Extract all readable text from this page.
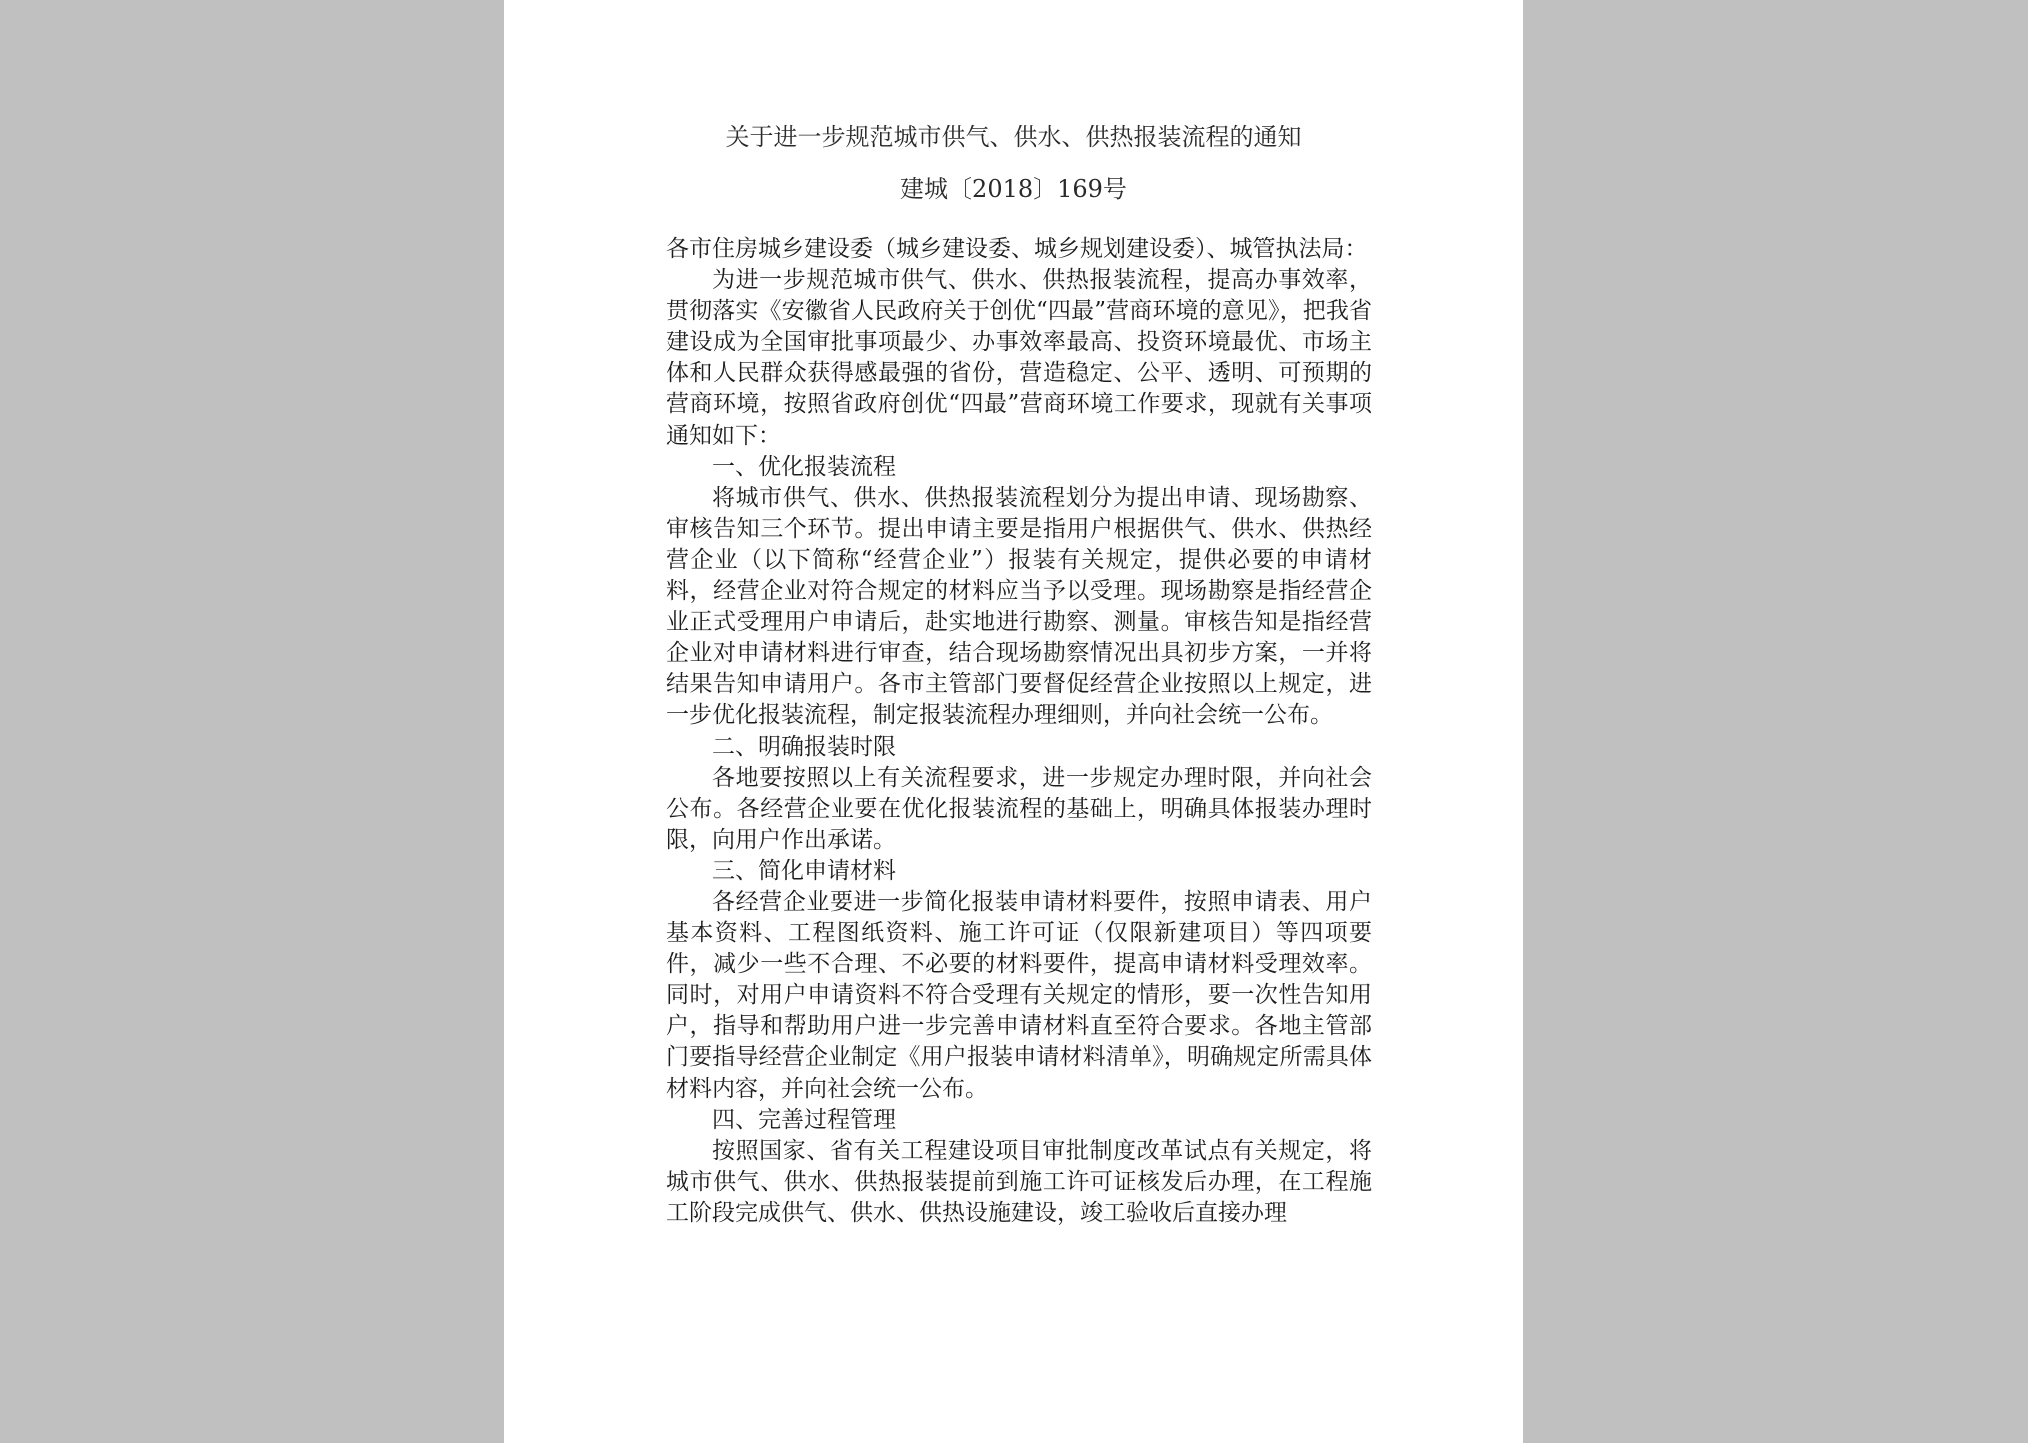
关于进一步规范城市供气、供水、供热报装流程的通知
建城〔2018〕169号

各市住房城乡建设委（城乡建设委、城乡规划建设委）、城管执法局：

为进一步规范城市供气、供水、供热报装流程，提高办事效率，贯彻落实《安徽省人民政府关于创优“四最”营商环境的意见》，把我省建设成为全国审批事项最少、办事效率最高、投资环境最优、市场主体和人民群众获得感最强的省份，营造稳定、公平、透明、可预期的营商环境，按照省政府创优“四最”营商环境工作要求，现就有关事项通知如下：

一、优化报装流程

将城市供气、供水、供热报装流程划分为提出申请、现场勘察、审核告知三个环节。提出申请主要是指用户根据供气、供水、供热经营企业（以下简称“经营企业”）报装有关规定，提供必要的申请材料，经营企业对符合规定的材料应当予以受理。现场勘察是指经营企业正式受理用户申请后，赴实地进行勘察、测量。审核告知是指经营企业对申请材料进行审查，结合现场勘察情况出具初步方案，一并将结果告知申请用户。各市主管部门要督促经营企业按照以上规定，进一步优化报装流程，制定报装流程办理细则，并向社会统一公布。

二、明确报装时限

各地要按照以上有关流程要求，进一步规定办理时限，并向社会公布。各经营企业要在优化报装流程的基础上，明确具体报装办理时限，向用户作出承诺。

三、简化申请材料

各经营企业要进一步简化报装申请材料要件，按照申请表、用户基本资料、工程图纸资料、施工许可证（仅限新建项目）等四项要件，减少一些不合理、不必要的材料要件，提高申请材料受理效率。同时，对用户申请资料不符合受理有关规定的情形，要一次性告知用户，指导和帮助用户进一步完善申请材料直至符合要求。各地主管部门要指导经营企业制定《用户报装申请材料清单》，明确规定所需具体材料内容，并向社会统一公布。

四、完善过程管理

按照国家、省有关工程建设项目审批制度改革试点有关规定，将城市供气、供水、供热报装提前到施工许可证核发后办理，在工程施工阶段完成供气、供水、供热设施建设，竣工验收后直接办理
